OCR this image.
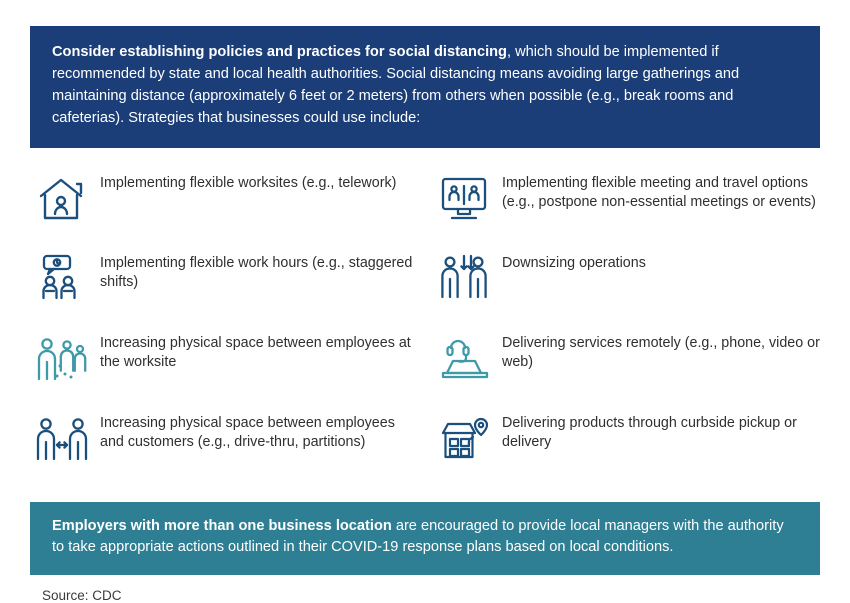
Consider establishing policies and practices for social distancing, which should be implemented if recommended by state and local health authorities. Social distancing means avoiding large gatherings and maintaining distance (approximately 6 feet or 2 meters) from others when possible (e.g., break rooms and cafeterias). Strategies that businesses could use include:

Implementing flexible worksites (e.g., telework)
Implementing flexible work hours (e.g., staggered shifts)
Increasing physical space between employees at the worksite
Increasing physical space between employees and customers (e.g., drive-thru, partitions)
Implementing flexible meeting and travel options (e.g., postpone non-essential meetings or events)
Downsizing operations
Delivering services remotely (e.g., phone, video or web)
Delivering products through curbside pickup or delivery

Employers with more than one business location are encouraged to provide local managers with the authority to take appropriate actions outlined in their COVID-19 response plans based on local conditions.

Source: CDC
